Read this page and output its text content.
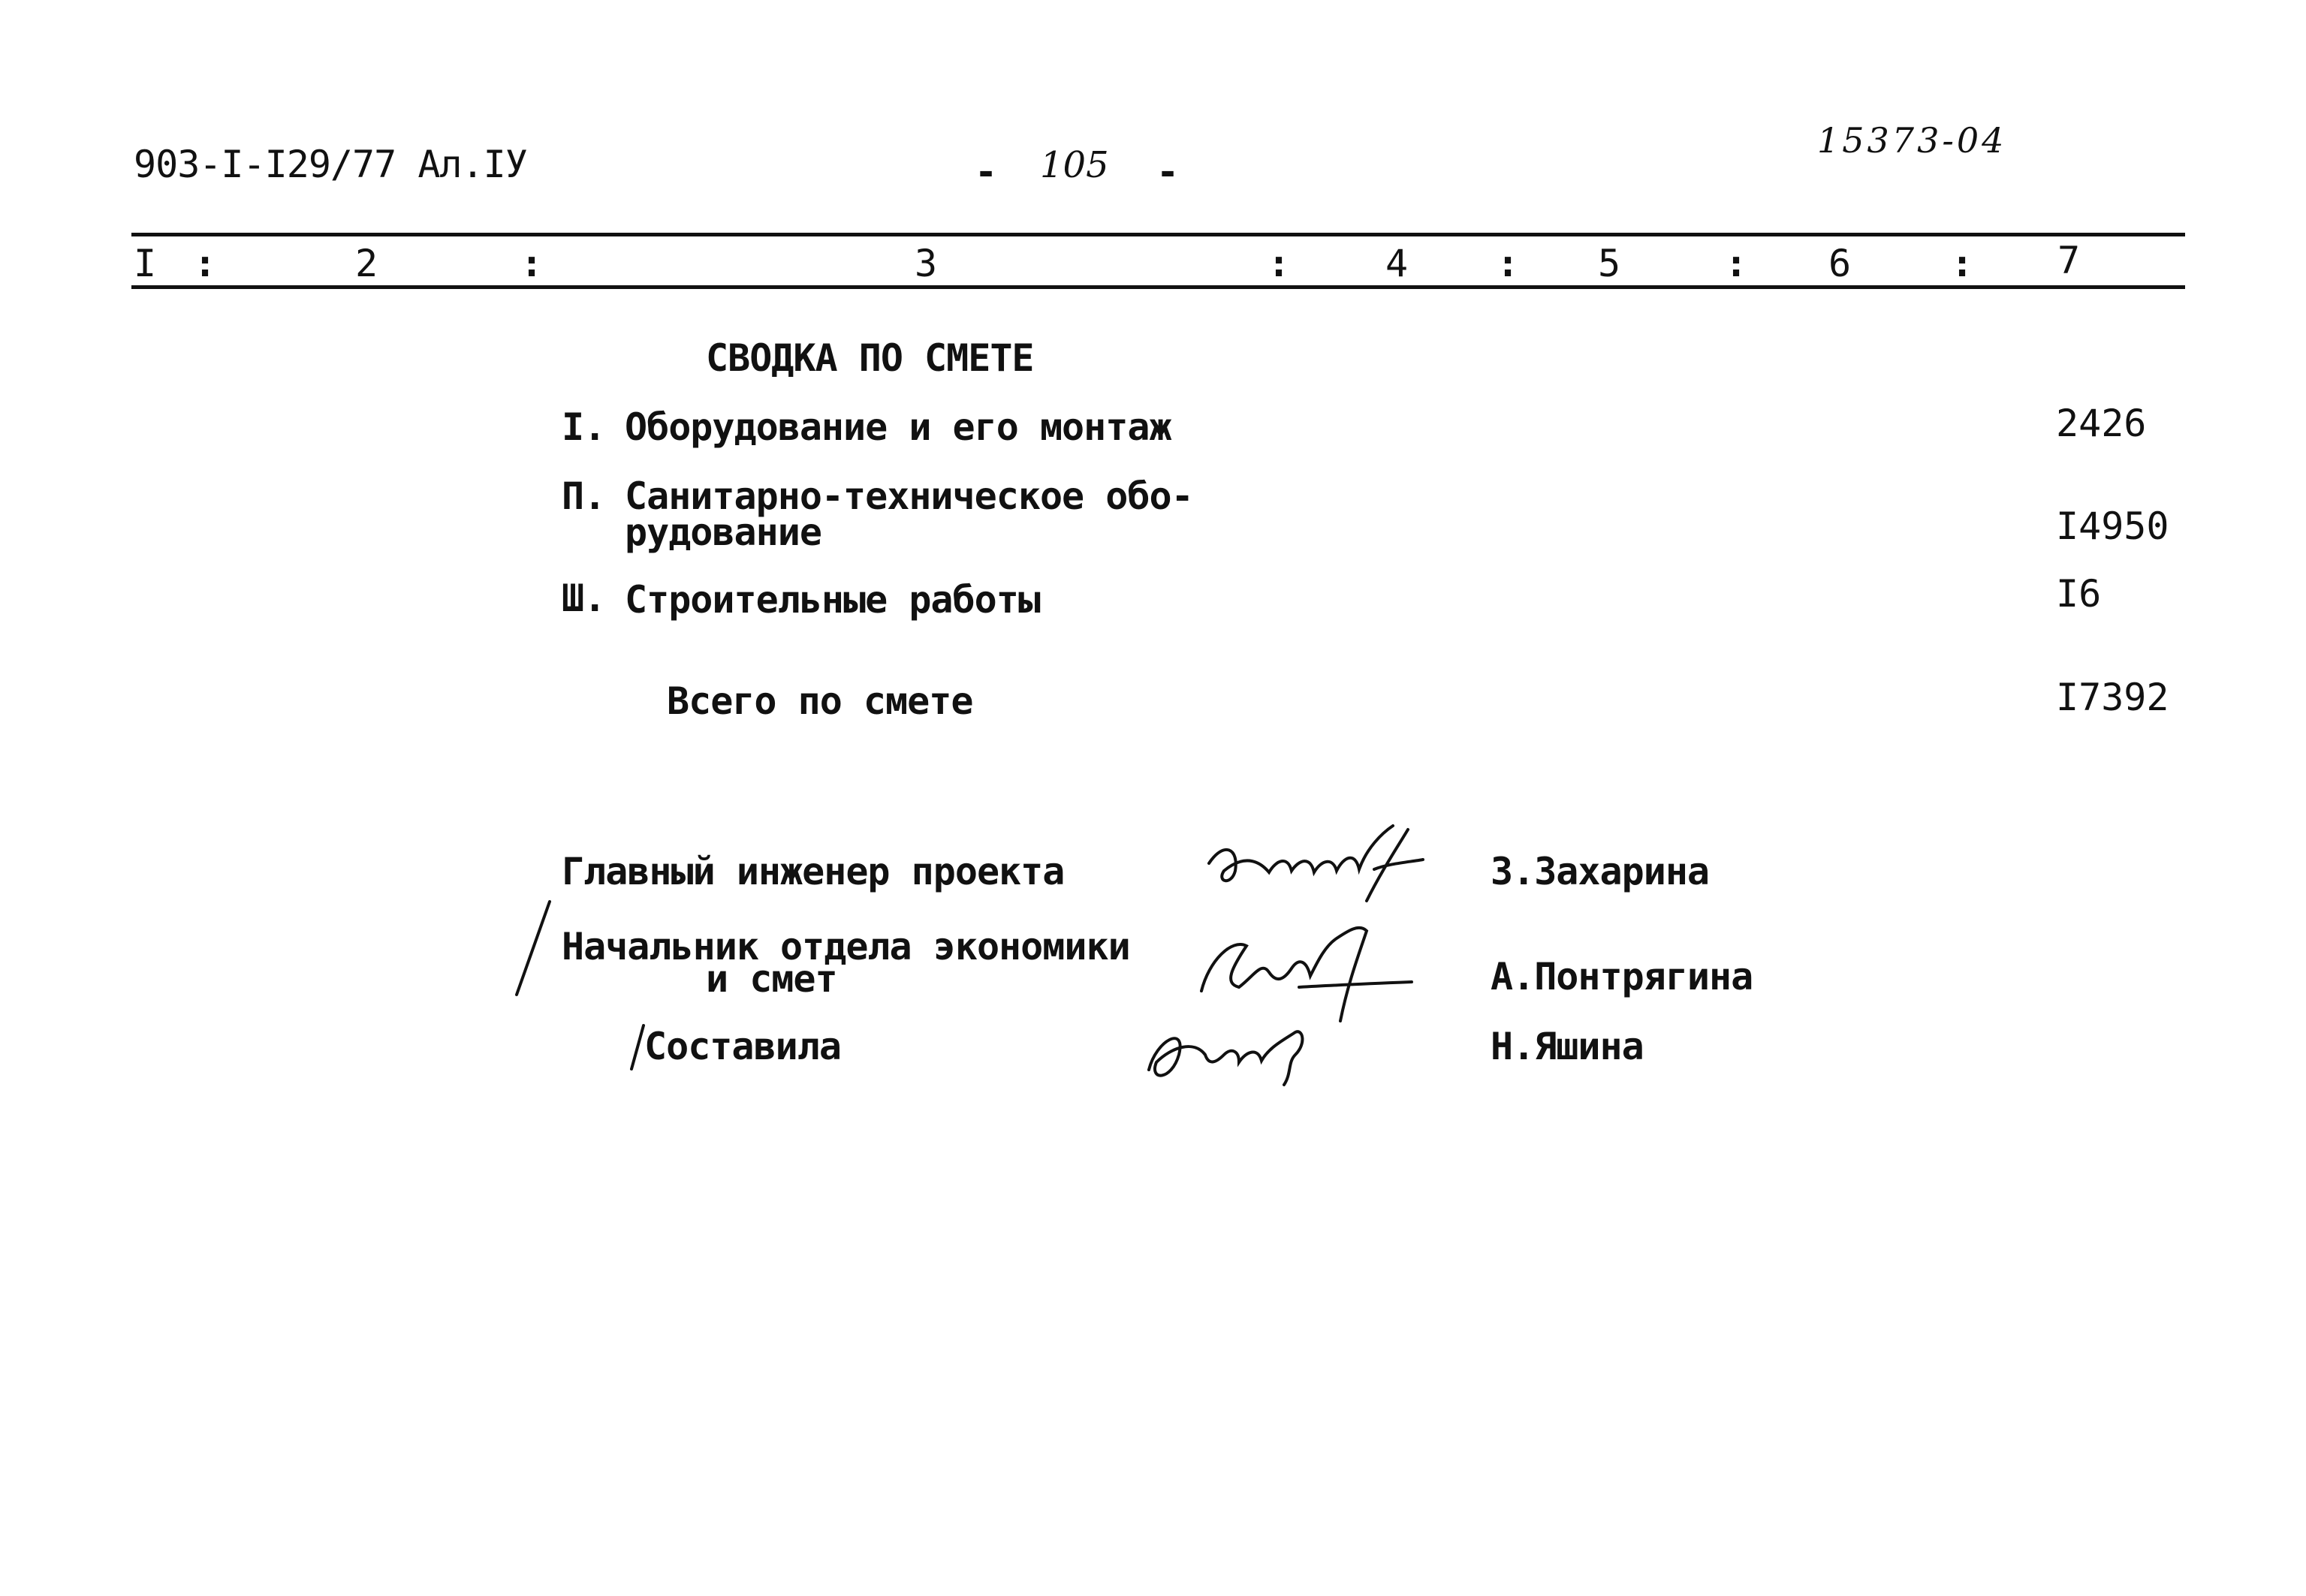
903-I-I29/77 Ал.IУ	- 105 -
15373-04
I :	2	:	3	:	4 : 5	: 6	: 7
СВОДКА ПО СМЕТЕ
I. Оборудование и его монтаж	2426
П. Санитарно-техническое обо-
рудование	I4950
Ш. Строительные работы	I6
Всего по смете	I7392
Главный инженер проекта	З.Захарина
Начальник отдела экономики
и смет	А.Понтрягина
Составила	Н.Яшина
